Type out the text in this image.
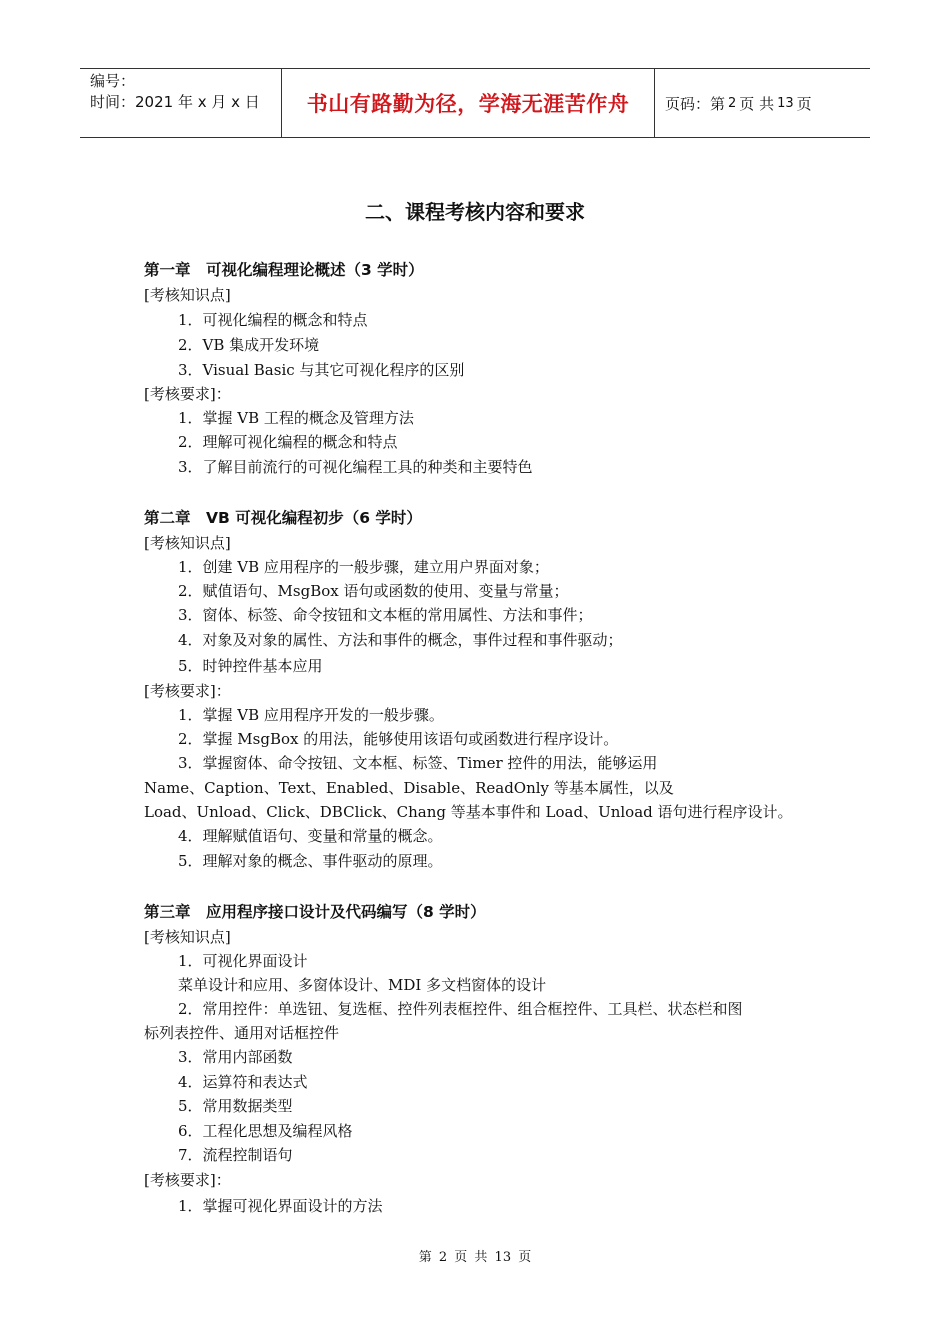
编号：
时间：2021 年 x 月 x 日	书山有路勤为径，学海无涯苦作舟 页码：第 2 页 共 13 页
二、课程考核内容和要求
第一章　可视化编程理论概述（3 学时）
[考核知识点]
1．可视化编程的概念和特点
2．VB 集成开发环境
3．Visual Basic 与其它可视化程序的区别
[考核要求]：
1．掌握 VB 工程的概念及管理方法
2．理解可视化编程的概念和特点
3．了解目前流行的可视化编程工具的种类和主要特色
第二章　VB 可视化编程初步（6 学时）
[考核知识点]
1．创建 VB 应用程序的一般步骤，建立用户界面对象；
2．赋值语句、MsgBox 语句或函数的使用、变量与常量；
3．窗体、标签、命令按钮和文本框的常用属性、方法和事件；
4．对象及对象的属性、方法和事件的概念，事件过程和事件驱动；
5．时钟控件基本应用
[考核要求]：
1．掌握 VB 应用程序开发的一般步骤。
2．掌握 MsgBox 的用法，能够使用该语句或函数进行程序设计。
3．掌握窗体、命令按钮、文本框、标签、Timer 控件的用法，能够运用
Name、Caption、Text、Enabled、Disable、ReadOnly 等基本属性，以及
Load、Unload、Click、DBClick、Chang 等基本事件和 Load、Unload 语句进行程序设计。
4．理解赋值语句、变量和常量的概念。
5．理解对象的概念、事件驱动的原理。
第三章　应用程序接口设计及代码编写（8 学时）
[考核知识点]
1．可视化界面设计
菜单设计和应用、多窗体设计、MDI 多文档窗体的设计
2．常用控件：单选钮、复选框、控件列表框控件、组合框控件、工具栏、状态栏和图
标列表控件、通用对话框控件
3．常用内部函数
4．运算符和表达式
5．常用数据类型
6．工程化思想及编程风格
7．流程控制语句
[考核要求]：
1．掌握可视化界面设计的方法
第 2 页 共 13 页
